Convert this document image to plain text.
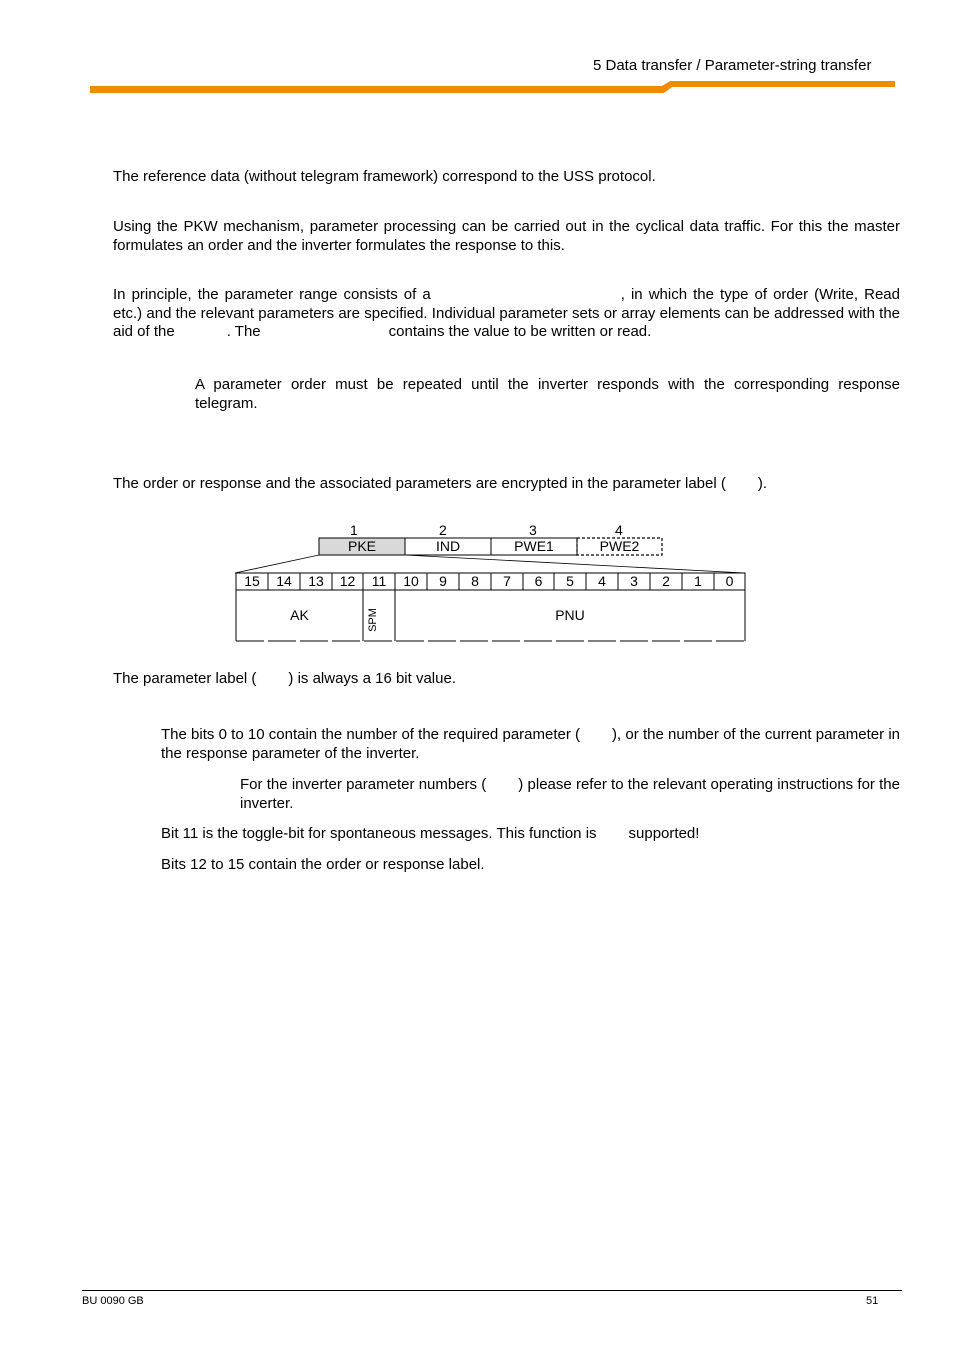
5 Data transfer / Parameter-string transfer
The reference data (without telegram framework) correspond to the USS protocol.
Using the PKW mechanism, parameter processing can be carried out in the cyclical data traffic. For this the master formulates an order and the inverter formulates the response to this.
In principle, the parameter range consists of a	, in which the type of order (Write, Read etc.) and the relevant parameters are specified. Individual parameter sets or array elements can be addressed with the aid of the	. The	contains the value to be written or read.
A parameter order must be repeated until the inverter responds with the corresponding response telegram.
The order or response and the associated parameters are encrypted in the parameter label ( ).
1	2	3	4
PKE	IND	PWE1	PWE2
15	14	13	12	11	10	9	8	7	6	5	4	3	2	1	0
AK	SPM	PNU
The parameter label ( ) is always a 16 bit value.
The bits 0 to 10 contain the number of the required parameter ( ), or the number of the current parameter in the response parameter of the inverter.
For the inverter parameter numbers ( ) please refer to the relevant operating instructions for the inverter.
Bit 11 is the toggle-bit for spontaneous messages. This function is supported!
Bits 12 to 15 contain the order or response label.
BU 0090 GB	51
